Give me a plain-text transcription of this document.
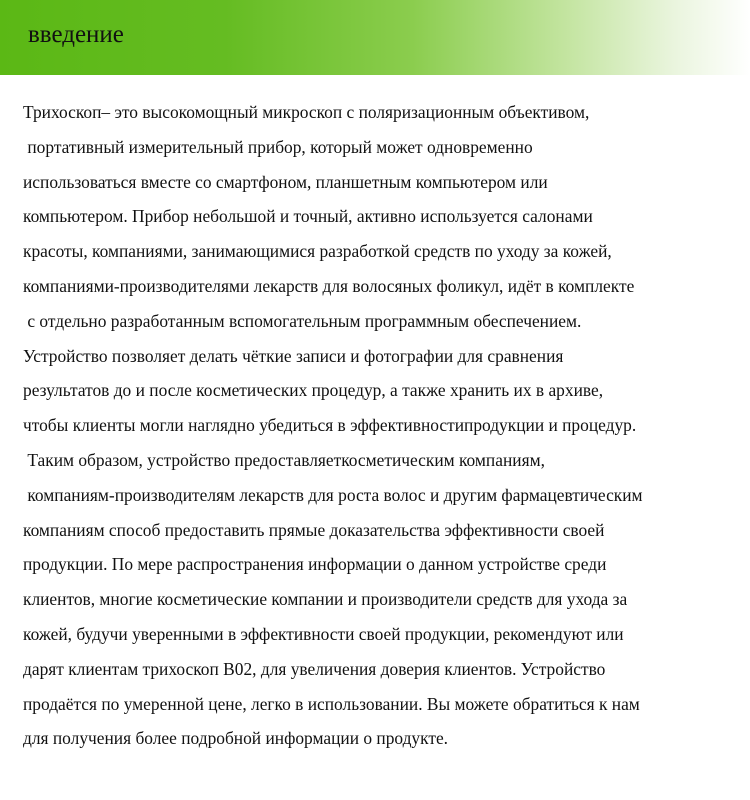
введение
Трихоскоп– это высокомощный микроскоп с поляризационным объективом,
портативный измерительный прибор, который может одновременно
использоваться вместе со смартфоном, планшетным компьютером или
компьютером. Прибор небольшой и точный, активно используется салонами
красоты, компаниями, занимающимися разработкой средств по уходу за кожей,
компаниями-производителями лекарств для волосяных фоликул, идёт в комплекте
с отдельно разработанным вспомогательным программным обеспечением.
Устройство позволяет делать чёткие записи и фотографии для сравнения
результатов до и после косметических процедур, а также хранить их в архиве,
чтобы клиенты могли наглядно убедиться в эффективностипродукции и процедур.
Таким образом, устройство предоставляеткосметическим компаниям,
компаниям-производителям лекарств для роста волос и другим фармацевтическим
компаниям способ предоставить прямые доказательства эффективности своей
продукции. По мере распространения информации о данном устройстве среди
клиентов, многие косметические компании и производители средств для ухода за
кожей, будучи уверенными в эффективности своей продукции, рекомендуют или
дарят клиентам трихоскоп B02, для увеличения доверия клиентов. Устройство
продаётся по умеренной цене, легко в использовании. Вы можете обратиться к нам
для получения более подробной информации о продукте.
